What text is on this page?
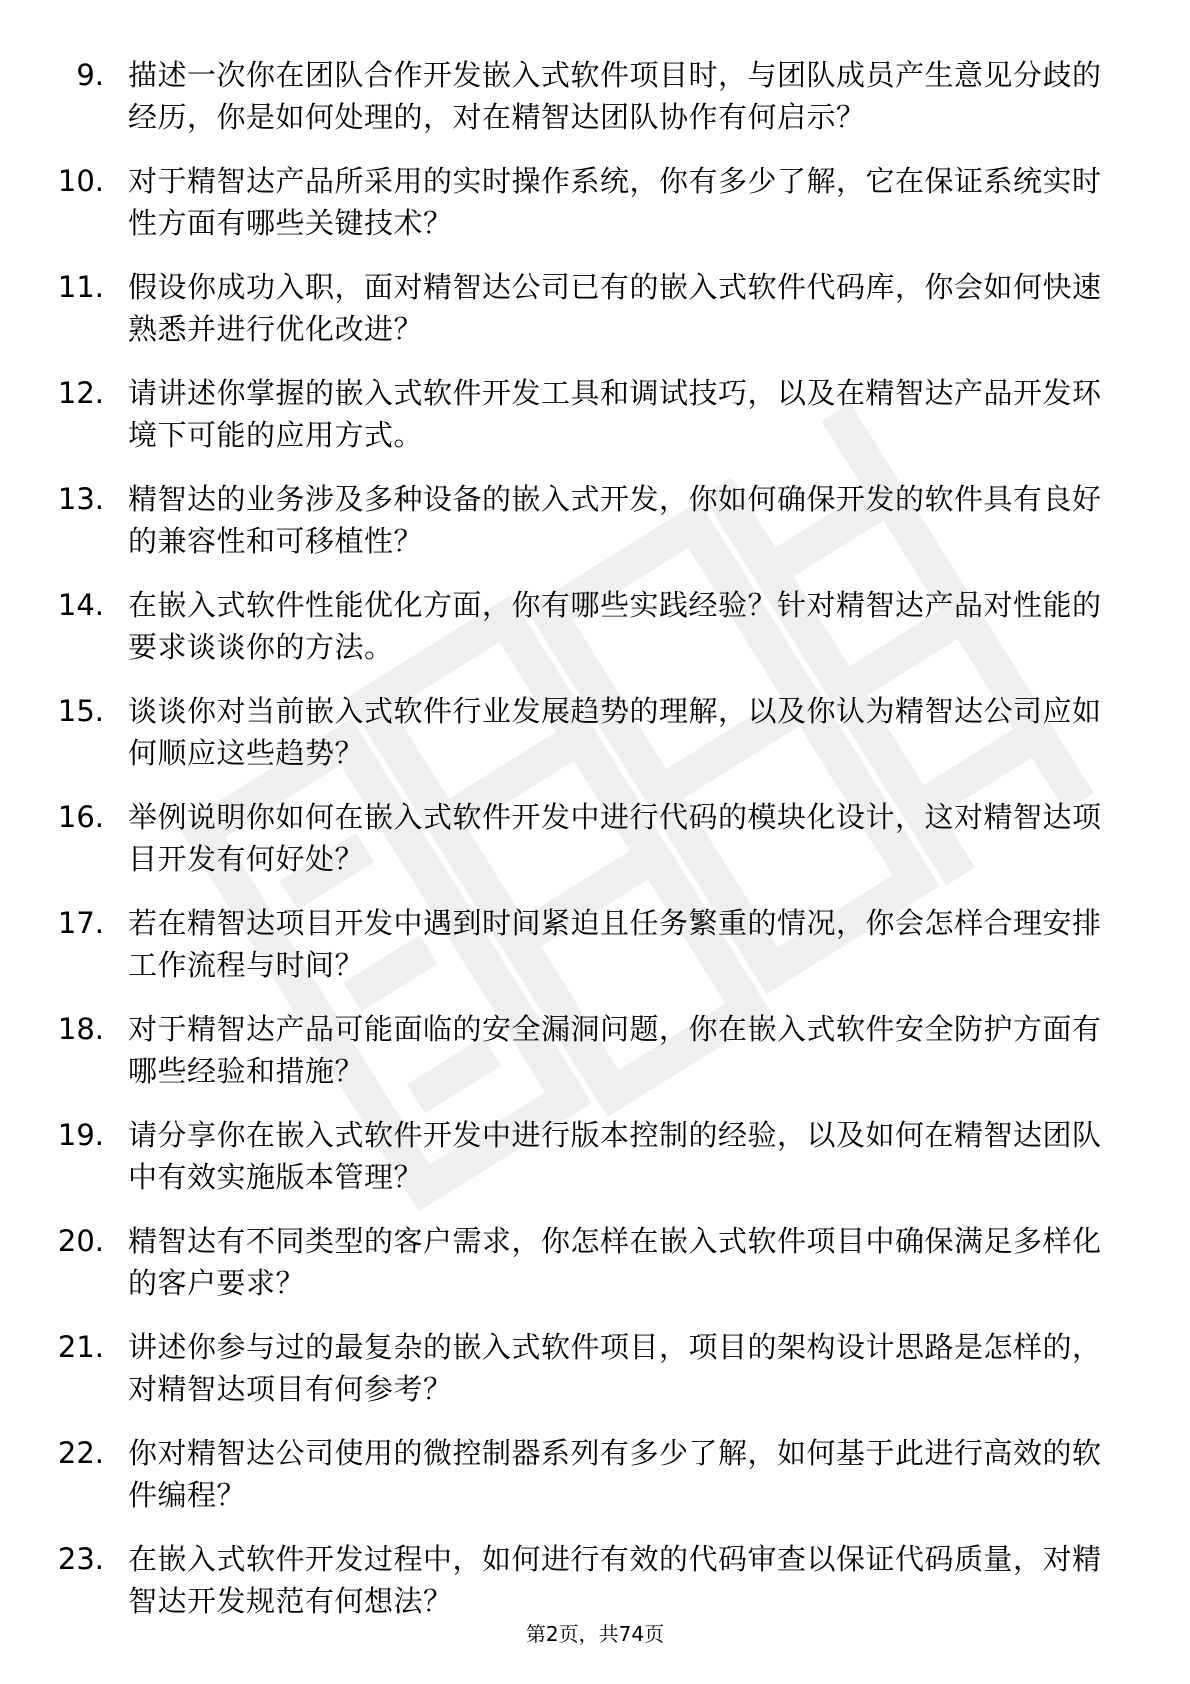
9. 描述一次你在团队合作开发嵌入式软件项目时，与团队成员产生意见分歧的经历，你是如何处理的，对在精智达团队协作有何启示？
10. 对于精智达产品所采用的实时操作系统，你有多少了解，它在保证系统实时性方面有哪些关键技术？
11. 假设你成功入职，面对精智达公司已有的嵌入式软件代码库，你会如何快速熟悉并进行优化改进？
12. 请讲述你掌握的嵌入式软件开发工具和调试技巧，以及在精智达产品开发环境下可能的应用方式。
13. 精智达的业务涉及多种设备的嵌入式开发，你如何确保开发的软件具有良好的兼容性和可移植性？
14. 在嵌入式软件性能优化方面，你有哪些实践经验？针对精智达产品对性能的要求谈谈你的方法。
15. 谈谈你对当前嵌入式软件行业发展趋势的理解，以及你认为精智达公司应如何顺应这些趋势？
16. 举例说明你如何在嵌入式软件开发中进行代码的模块化设计，这对精智达项目开发有何好处？
17. 若在精智达项目开发中遇到时间紧迫且任务繁重的情况，你会怎样合理安排工作流程与时间？
18. 对于精智达产品可能面临的安全漏洞问题，你在嵌入式软件安全防护方面有哪些经验和措施？
19. 请分享你在嵌入式软件开发中进行版本控制的经验，以及如何在精智达团队中有效实施版本管理？
20. 精智达有不同类型的客户需求，你怎样在嵌入式软件项目中确保满足多样化的客户要求？
21. 讲述你参与过的最复杂的嵌入式软件项目，项目的架构设计思路是怎样的，对精智达项目有何参考？
22. 你对精智达公司使用的微控制器系列有多少了解，如何基于此进行高效的软件编程？
23. 在嵌入式软件开发过程中，如何进行有效的代码审查以保证代码质量，对精智达开发规范有何想法？
第2页，共74页
